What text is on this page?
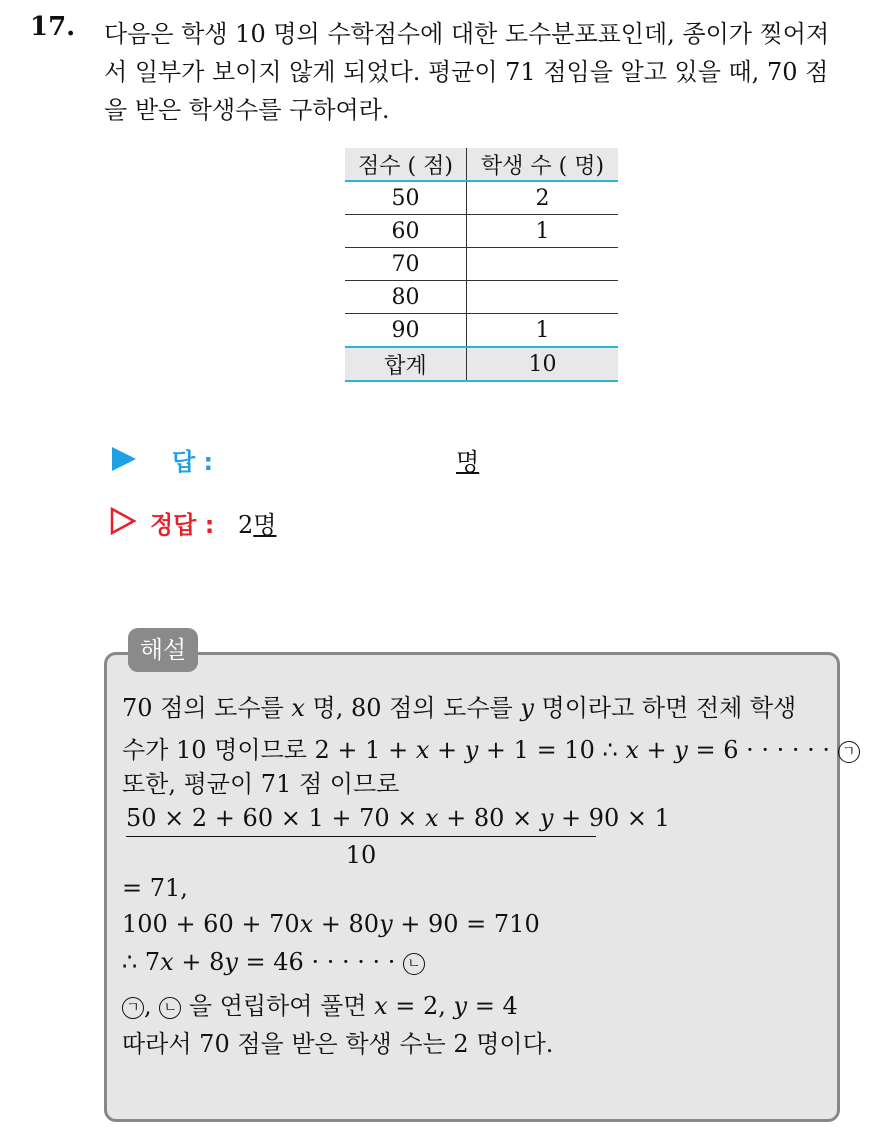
17. 다음은 학생 10 명의 수학점수에 대한 도수분포표인데, 종이가 찢어져
서 일부가 보이지 않게 되었다. 평균이 71 점임을 알고 있을 때, 70 점
을 받은 학생수를 구하여라.
점수 ( 점)	학생 수 ( 명)
50	2
60	1
70	
80	
90	1
합계	10
답 :	명
정답 : 2명
해설
70 점의 도수를 x 명, 80 점의 도수를 y 명이라고 하면 전체 학생
수가 10 명이므로 2 + 1 + x + y + 1 = 10 ∴ x + y = 6 · · · · · · ㄱ
또한, 평균이 71 점 이므로
$\frac{50 \times 2 + 60 \times 1 + 70 \times x + 80 \times y + 90 \times 1}{10}$
= 71,
100 + 60 + 70x + 80y + 90 = 710
∴ 7x + 8y = 46 · · · · · · ㄴ
ㄱ , ㄴ 을 연립하여 풀면 x = 2, y = 4
따라서 70 점을 받은 학생 수는 2 명이다.
